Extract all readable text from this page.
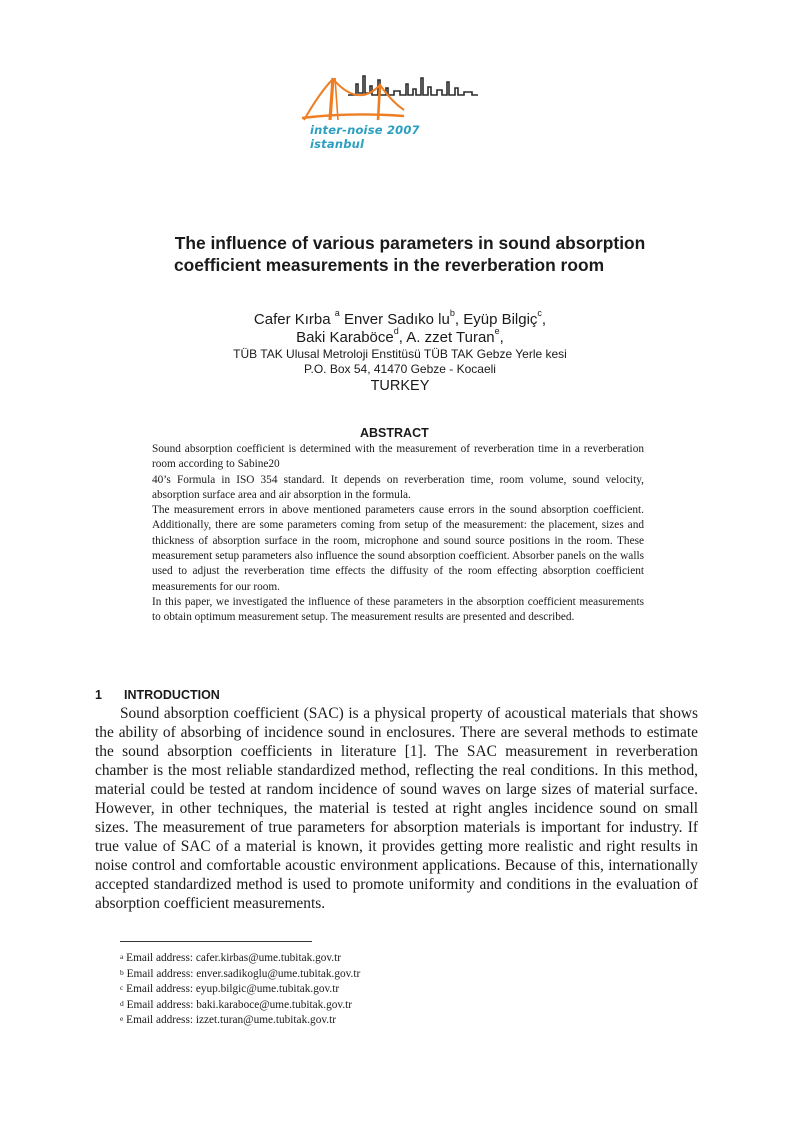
inter-noise 2007 istanbul
The influence of various parameters in sound absorption
coefficient measurements in the reverberation room
Cafer Kırba $^a$ Enver Sadıko $lu^b$, Eyüp Bilgiç$^c$,
Baki Karaböce$^d$, A. zzet Turan$^e$,
TÜB TAK Ulusal Metroloji Enstitüsü TÜB TAK Gebze Yerle kesi
P.O. Box 54, 41470 Gebze - Kocaeli
TURKEY
ABSTRACT

Sound absorption coefficient is determined with the measurement of reverberation time in a reverberation room according to Sabine20

40’s Formula in ISO 354 standard. It depends on reverberation time, room volume, sound velocity, absorption surface area and air absorption in the formula.

The measurement errors in above mentioned parameters cause errors in the sound absorption coefficient. Additionally, there are some parameters coming from setup of the measurement: the placement, sizes and thickness of absorption surface in the room, microphone and sound source positions in the room. These measurement setup parameters also influence the sound absorption coefficient. Absorber panels on the walls used to adjust the reverberation time effects the diffusity of the room effecting absorption coefficient measurements for our room.

In this paper, we investigated the influence of these parameters in the absorption coefficient measurements to obtain optimum measurement setup. The measurement results are presented and described.

1 INTRODUCTION

Sound absorption coefficient (SAC) is a physical property of acoustical materials that shows the ability of absorbing of incidence sound in enclosures. There are several methods to estimate the sound absorption coefficients in literature [1]. The SAC measurement in reverberation chamber is the most reliable standardized method, reflecting the real conditions. In this method, material could be tested at random incidence of sound waves on large sizes of material surface. However, in other techniques, the material is tested at right angles incidence sound on small sizes. The measurement of true parameters for absorption materials is important for industry. If true value of SAC of a material is known, it provides getting more realistic and right results in noise control and comfortable acoustic environment applications. Because of this, internationally accepted standardized method is used to promote uniformity and conditions in the evaluation of absorption coefficient measurements.

$^a$ Email address: cafer.kirbas@ume.tubitak.gov.tr
$^b$ Email address: enver.sadikoglu@ume.tubitak.gov.tr
$^c$ Email address: eyup.bilgic@ume.tubitak.gov.tr
$^d$ Email address: baki.karaboce@ume.tubitak.gov.tr
$^e$ Email address: izzet.turan@ume.tubitak.gov.tr
